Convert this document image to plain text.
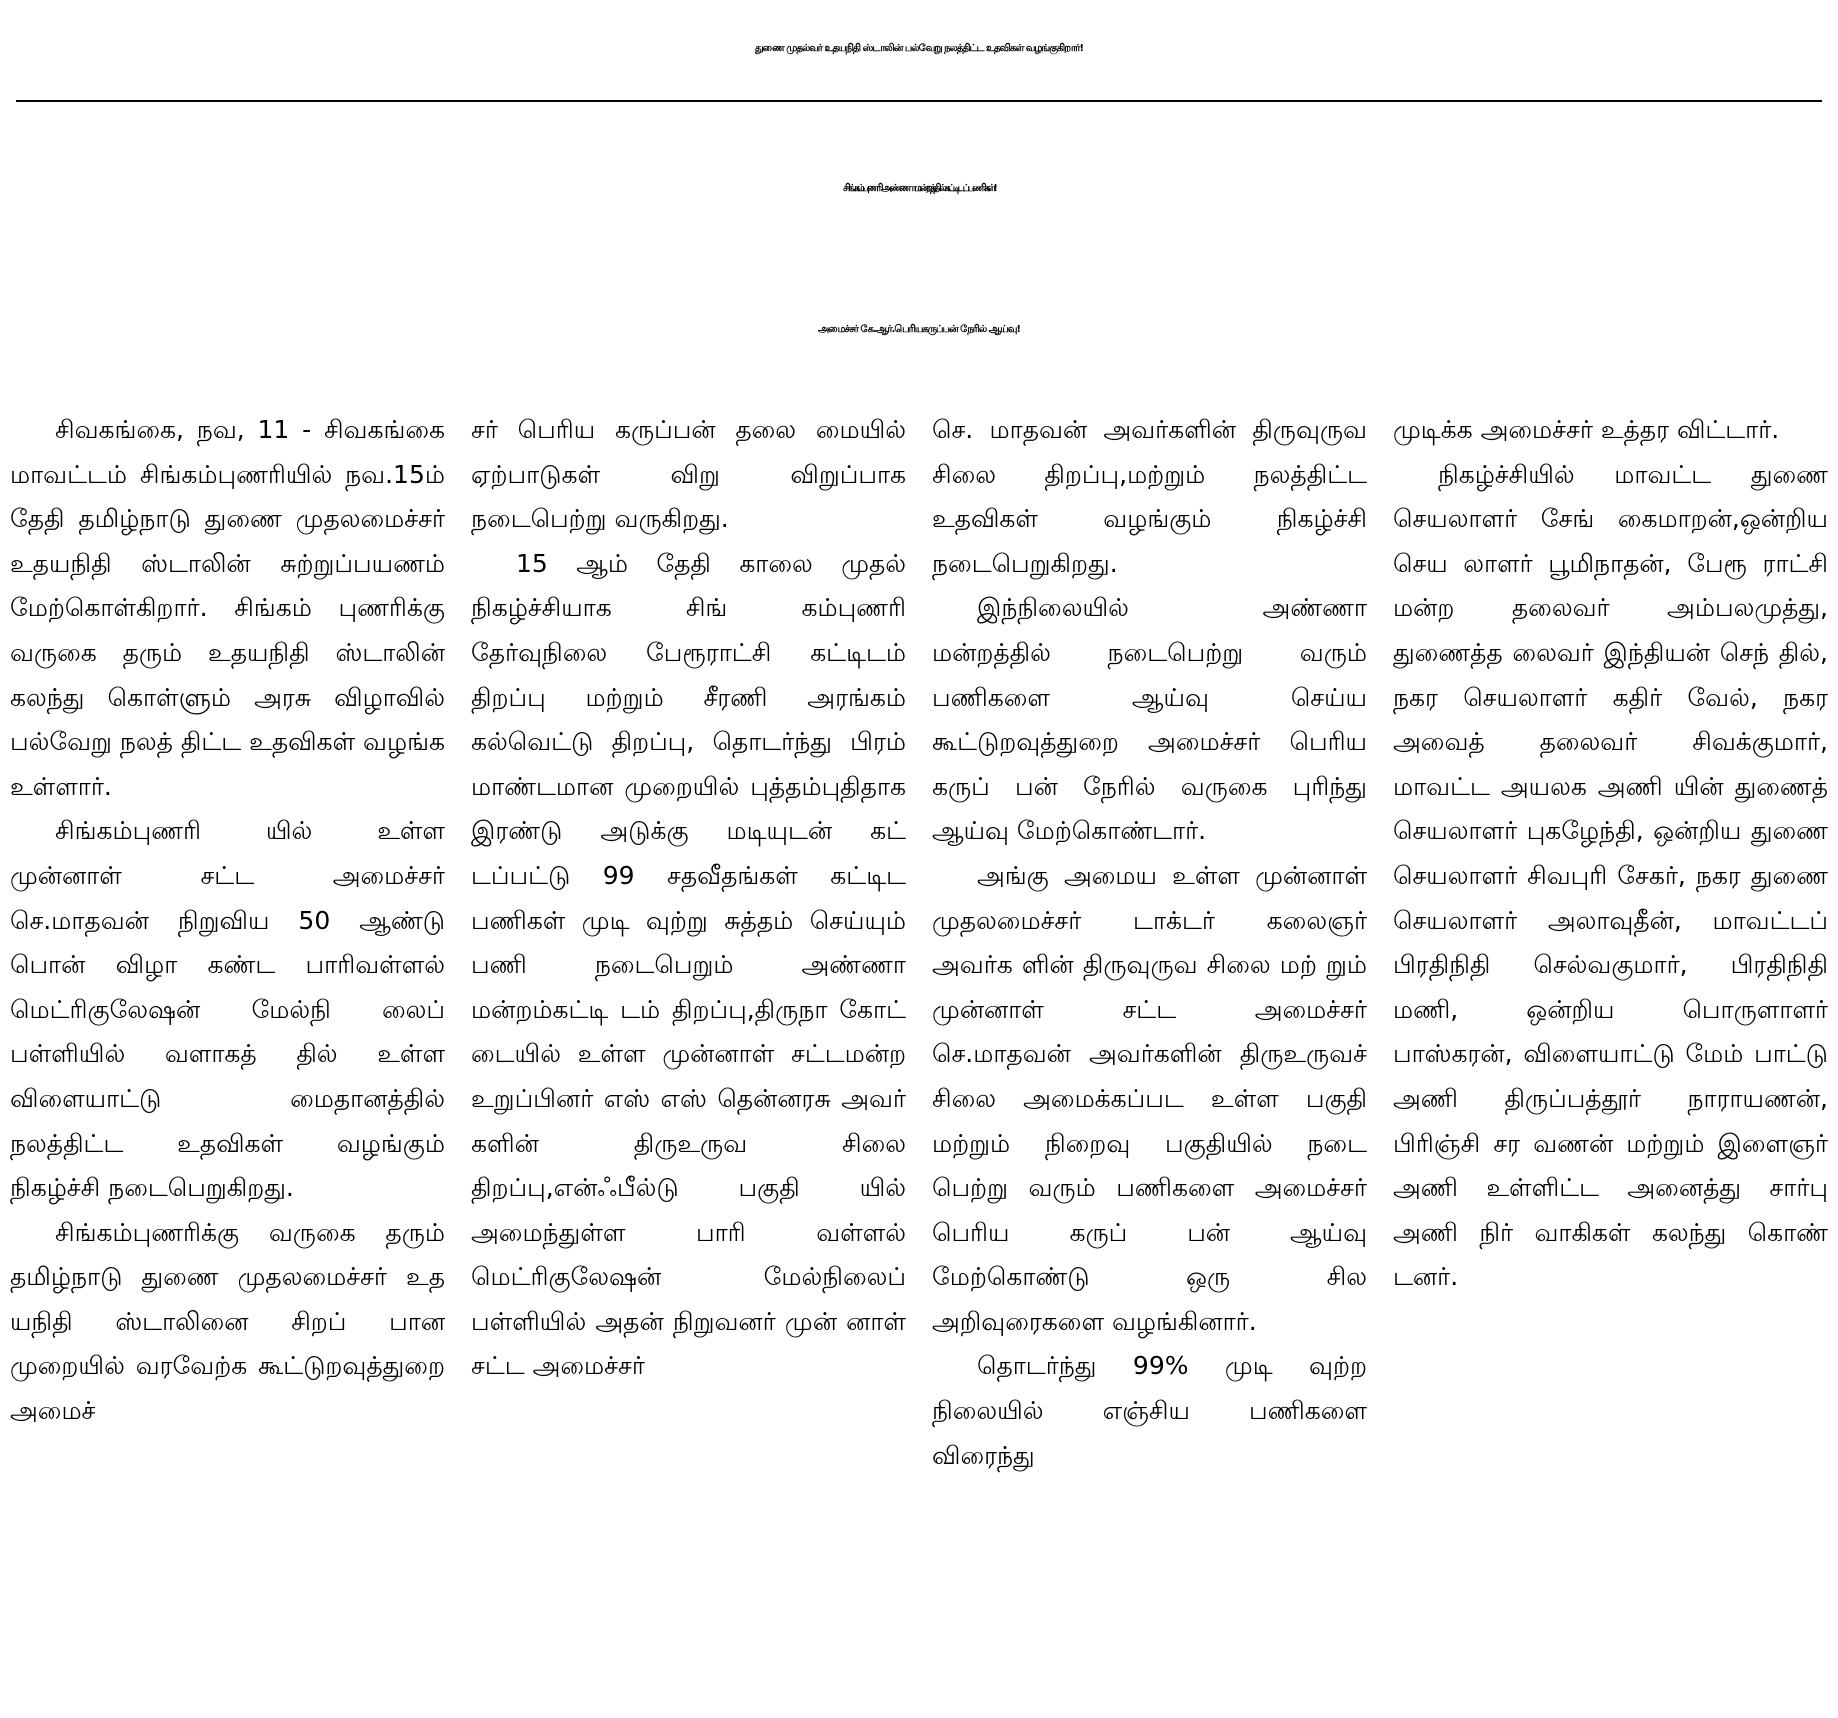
துணை முதல்வர் உதயநிதி ஸ்டாலின் பல்வேறு நலத்திட்ட உதவிகள் வழங்குகிறார்!
சிங்கம்புணரி அண்ணா மன்றத்தில் கட்டிடப் பணிகள்!
அமைச்சர் கே.ஆர்.பெரியகருப்பன் நேரில் ஆய்வு!

சிவகங்கை, நவ, 11 - சிவகங்கை மாவட்டம் சிங்கம்புணரியில் நவ.15ம் தேதி தமிழ்நாடு துணை முதலமைச்சர் உதயநிதி ஸ்டாலின் சுற்றுப்பயணம் மேற்கொள்கிறார். சிங்கம் புணரிக்கு வருகை தரும் உதயநிதி ஸ்டாலின் கலந்து கொள்ளும் அரசு விழாவில் பல்வேறு நலத் திட்ட உதவிகள் வழங்க உள்ளார்.

சிங்கம்புணரி யில் உள்ள முன்னாள் சட்ட அமைச்சர் செ.மாதவன் நிறுவிய 50 ஆண்டு பொன் விழா கண்ட பாரிவள்ளல் மெட்ரிகுலேஷன் மேல்நி லைப் பள்ளியில் வளாகத் தில் உள்ள விளையாட்டு மைதானத்தில் நலத்திட்ட உதவிகள் வழங்கும் நிகழ்ச்சி நடைபெறுகிறது.

சிங்கம்புணரிக்கு வருகை தரும் தமிழ்நாடு துணை முதலமைச்சர் உத யநிதி ஸ்டாலினை சிறப் பான முறையில் வரவேற்க கூட்டுறவுத்துறை அமைச்

சர் பெரிய கருப்பன் தலை மையில் ஏற்பாடுகள் விறு விறுப்பாக நடைபெற்று வருகிறது.

15 ஆம் தேதி காலை முதல் நிகழ்ச்சியாக சிங் கம்புணரி தேர்வுநிலை பேரூராட்சி கட்டிடம் திறப்பு மற்றும் சீரணி அரங்கம் கல்வெட்டு திறப்பு, தொடர்ந்து பிரம் மாண்டமான முறையில் புத்தம்புதிதாக இரண்டு அடுக்கு மடியுடன் கட் டப்பட்டு 99 சதவீதங்கள் கட்டிட பணிகள் முடி வுற்று சுத்தம் செய்யும் பணி நடைபெறும் அண்ணா மன்றம்கட்டி டம் திறப்பு,திருநா கோட் டையில் உள்ள முன்னாள் சட்டமன்ற உறுப்பினர் எஸ் எஸ் தென்னரசு அவர் களின் திருஉருவ சிலை திறப்பு,என்ஃபீல்டு பகுதி யில் அமைந்துள்ள பாரி வள்ளல் மெட்ரிகுலேஷன் மேல்நிலைப் பள்ளியில் அதன் நிறுவனர் முன் னாள் சட்ட அமைச்சர்

செ. மாதவன் அவர்களின் திருவுருவ சிலை திறப்பு,மற்றும் நலத்திட்ட உதவிகள் வழங்கும் நிகழ்ச்சி நடைபெறுகிறது.

இந்நிலையில் அண்ணா மன்றத்தில் நடைபெற்று வரும் பணிகளை ஆய்வு செய்ய கூட்டுறவுத்துறை அமைச்சர் பெரிய கருப் பன் நேரில் வருகை புரிந்து ஆய்வு மேற்கொண்டார்.

அங்கு அமைய உள்ள முன்னாள் முதலமைச்சர் டாக்டர் கலைஞர் அவர்க ளின் திருவுருவ சிலை மற் றும் முன்னாள் சட்ட அமைச்சர் செ.மாதவன் அவர்களின் திருஉருவச் சிலை அமைக்கப்பட உள்ள பகுதி மற்றும் நிறைவு பகுதியில் நடை பெற்று வரும் பணிகளை அமைச்சர் பெரிய கருப் பன் ஆய்வு மேற்கொண்டு ஒரு சில அறிவுரைகளை வழங்கினார்.

தொடர்ந்து 99% முடி வுற்ற நிலையில் எஞ்சிய பணிகளை விரைந்து

முடிக்க அமைச்சர் உத்தர விட்டார்.

நிகழ்ச்சியில் மாவட்ட துணை செயலாளர் சேங் கைமாறன்,ஒன்றிய செய லாளர் பூமிநாதன், பேரூ ராட்சி மன்ற தலைவர் அம்பலமுத்து, துணைத்த லைவர் இந்தியன் செந் தில், நகர செயலாளர் கதிர் வேல், நகர அவைத் தலைவர் சிவக்குமார், மாவட்ட அயலக அணி யின் துணைத் செயலாளர் புகழேந்தி, ஒன்றிய துணை செயலாளர் சிவபுரி சேகர், நகர துணை செயலாளர் அலாவுதீன், மாவட்டப் பிரதிநிதி செல்வகுமார், பிரதிநிதி மணி, ஒன்றிய பொருளாளர் பாஸ்கரன், விளையாட்டு மேம் பாட்டு அணி திருப்பத்தூர் நாராயணன், பிரிஞ்சி சர வணன் மற்றும் இளைஞர் அணி உள்ளிட்ட அனைத்து சார்பு அணி நிர் வாகிகள் கலந்து கொண் டனர்.
